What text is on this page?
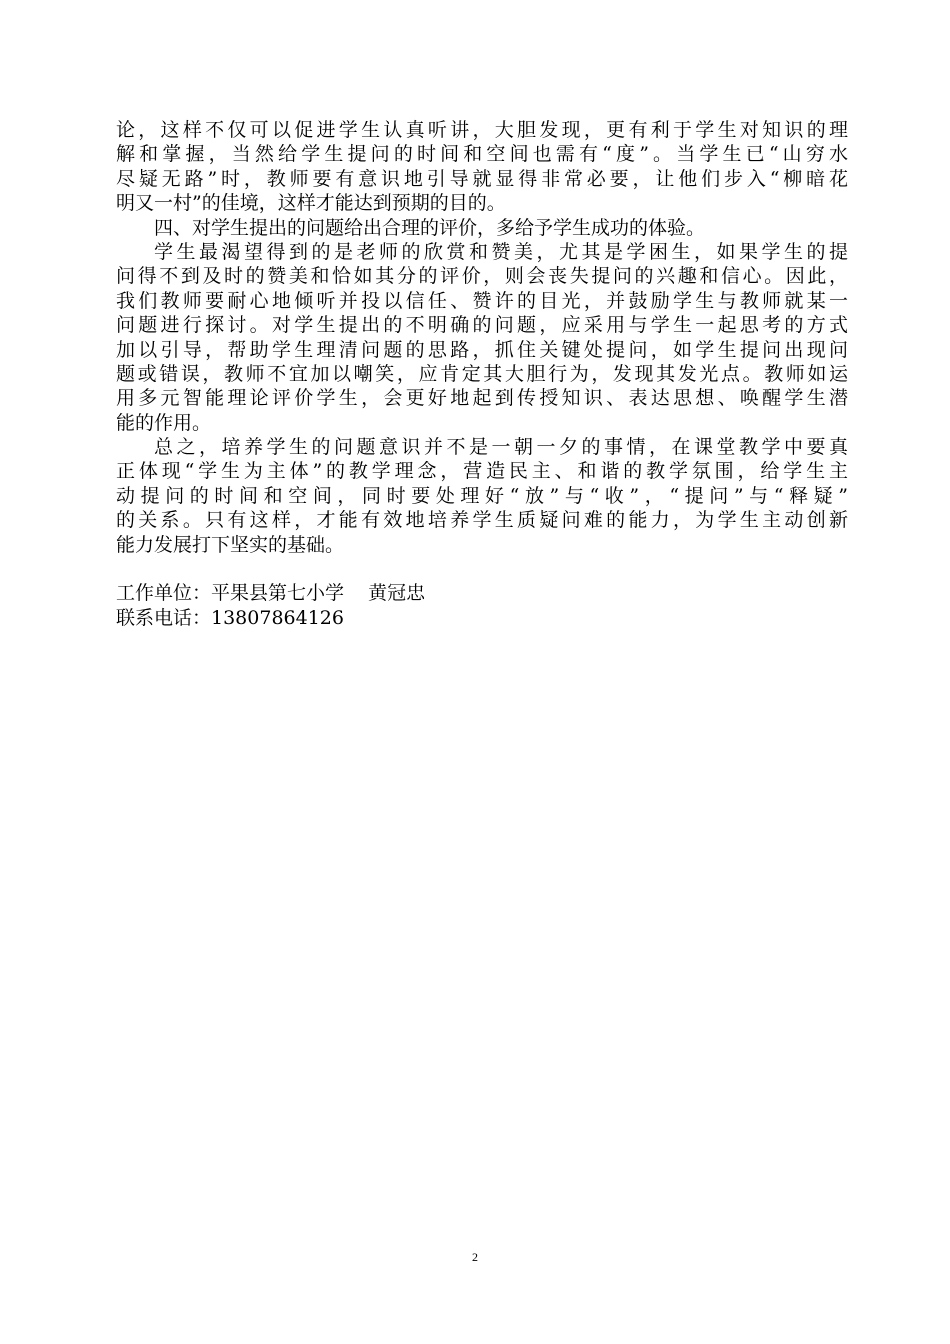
论，这样不仅可以促进学生认真听讲，大胆发现，更有利于学生对知识的理
解和掌握，当然给学生提问的时间和空间也需有“度”。当学生已“山穷水
尽疑无路”时，教师要有意识地引导就显得非常必要，让他们步入“柳暗花
明又一村”的佳境，这样才能达到预期的目的。
四、对学生提出的问题给出合理的评价，多给予学生成功的体验。
学生最渴望得到的是老师的欣赏和赞美，尤其是学困生，如果学生的提
问得不到及时的赞美和恰如其分的评价，则会丧失提问的兴趣和信心。因此，
我们教师要耐心地倾听并投以信任、赞许的目光，并鼓励学生与教师就某一
问题进行探讨。对学生提出的不明确的问题，应采用与学生一起思考的方式
加以引导，帮助学生理清问题的思路，抓住关键处提问，如学生提问出现问
题或错误，教师不宜加以嘲笑，应肯定其大胆行为，发现其发光点。教师如运
用多元智能理论评价学生，会更好地起到传授知识、表达思想、唤醒学生潜
能的作用。
总之，培养学生的问题意识并不是一朝一夕的事情，在课堂教学中要真
正体现“学生为主体”的教学理念，营造民主、和谐的教学氛围，给学生主
动提问的时间和空间，同时要处理好“放”与“收”，“提问”与“释疑”
的关系。只有这样，才能有效地培养学生质疑问难的能力，为学生主动创新
能力发展打下坚实的基础。
工作单位：平果县第七小学    黄冠忠
联系电话：13807864126
2
